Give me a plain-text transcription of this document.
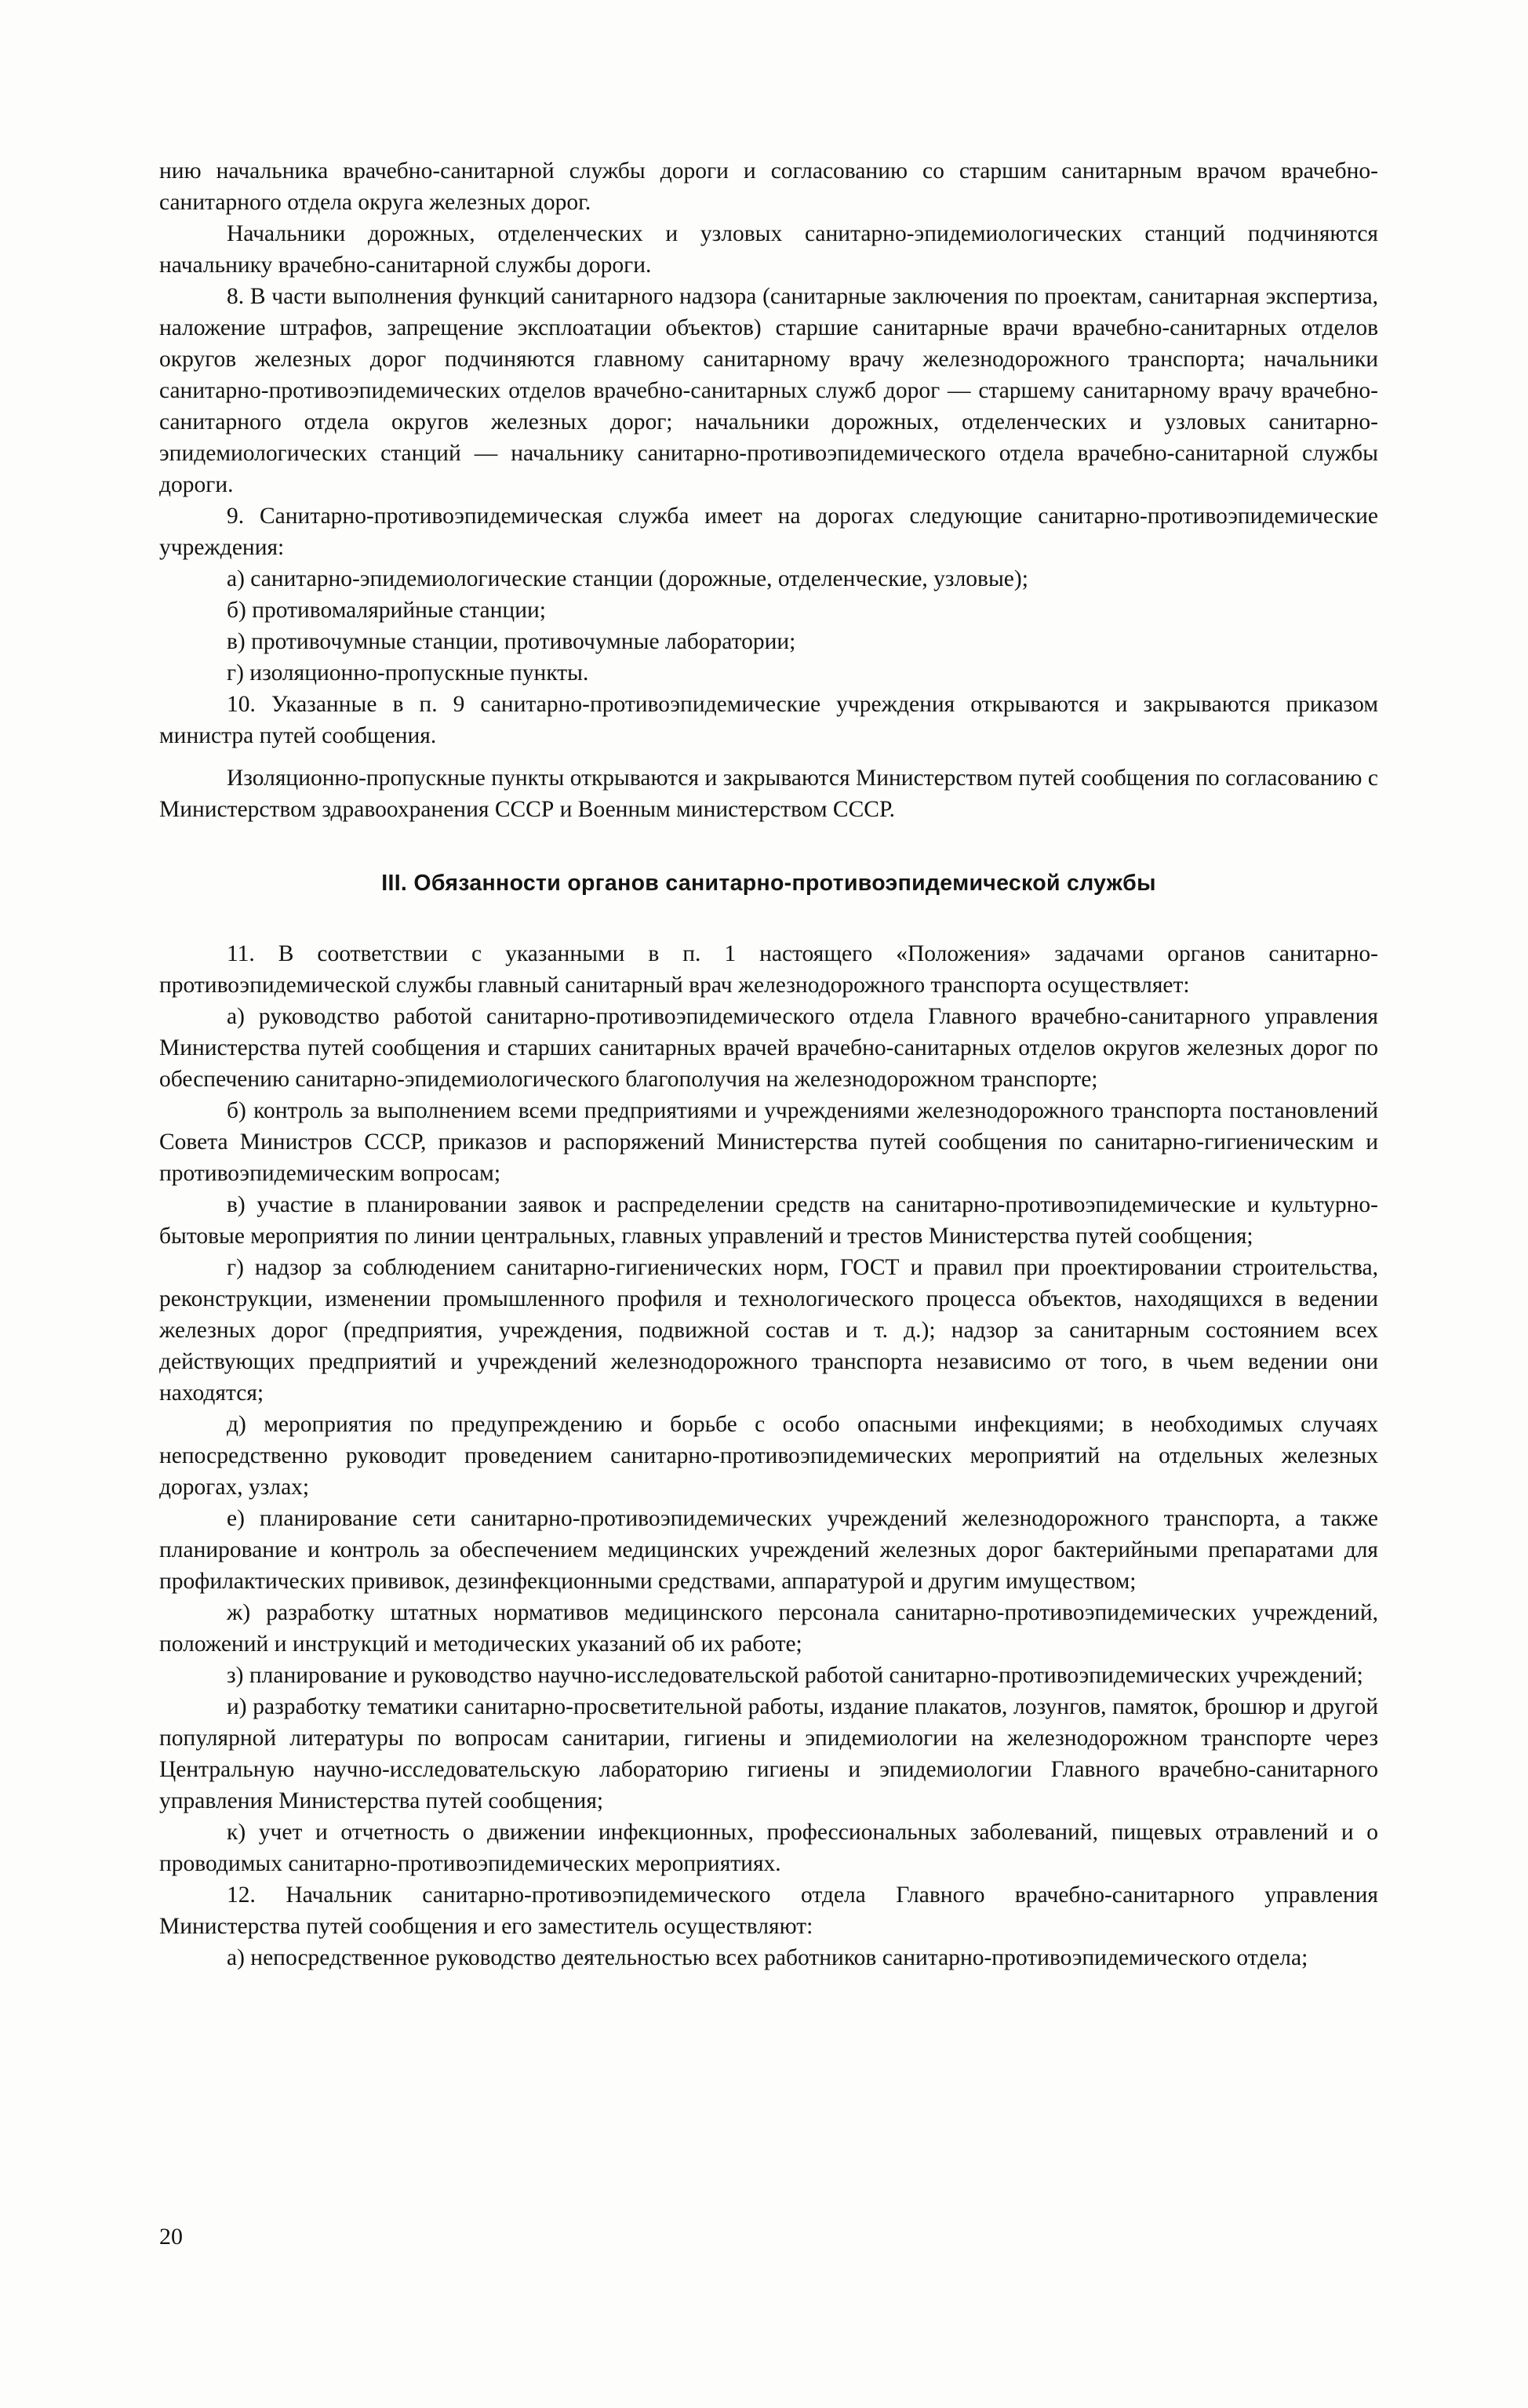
нию начальника врачебно-санитарной службы дороги и согласованию со старшим санитарным врачом врачебно-санитарного отдела округа железных дорог.

Начальники дорожных, отделенческих и узловых санитарно-эпидемиологических станций подчиняются начальнику врачебно-санитарной службы дороги.

8. В части выполнения функций санитарного надзора (санитарные заключения по проектам, санитарная экспертиза, наложение штрафов, запрещение эксплоатации объектов) старшие санитарные врачи врачебно-санитарных отделов округов железных дорог подчиняются главному санитарному врачу железнодорожного транспорта; начальники санитарно-противоэпидемических отделов врачебно-санитарных служб дорог — старшему санитарному врачу врачебно-санитарного отдела округов железных дорог; начальники дорожных, отделенческих и узловых санитарно-эпидемиологических станций — начальнику санитарно-противоэпидемического отдела врачебно-санитарной службы дороги.

9. Санитарно-противоэпидемическая служба имеет на дорогах следующие санитарно-противоэпидемические учреждения:

а) санитарно-эпидемиологические станции (дорожные, отделенческие, узловые);

б) противомалярийные станции;

в) противочумные станции, противочумные лаборатории;

г) изоляционно-пропускные пункты.

10. Указанные в п. 9 санитарно-противоэпидемические учреждения открываются и закрываются приказом министра путей сообщения.

Изоляционно-пропускные пункты открываются и закрываются Министерством путей сообщения по согласованию с Министерством здравоохранения СССР и Военным министерством СССР.

III. Обязанности органов санитарно-противоэпидемической службы

11. В соответствии с указанными в п. 1 настоящего «Положения» задачами органов санитарно-противоэпидемической службы главный санитарный врач железнодорожного транспорта осуществляет:

а) руководство работой санитарно-противоэпидемического отдела Главного врачебно-санитарного управления Министерства путей сообщения и старших санитарных врачей врачебно-санитарных отделов округов железных дорог по обеспечению санитарно-эпидемиологического благополучия на железнодорожном транспорте;

б) контроль за выполнением всеми предприятиями и учреждениями железнодорожного транспорта постановлений Совета Министров СССР, приказов и распоряжений Министерства путей сообщения по санитарно-гигиеническим и противоэпидемическим вопросам;

в) участие в планировании заявок и распределении средств на санитарно-противоэпидемические и культурно-бытовые мероприятия по линии центральных, главных управлений и трестов Министерства путей сообщения;

г) надзор за соблюдением санитарно-гигиенических норм, ГОСТ и правил при проектировании строительства, реконструкции, изменении промышленного профиля и технологического процесса объектов, находящихся в ведении железных дорог (предприятия, учреждения, подвижной состав и т. д.); надзор за санитарным состоянием всех действующих предприятий и учреждений железнодорожного транспорта независимо от того, в чьем ведении они находятся;

д) мероприятия по предупреждению и борьбе с особо опасными инфекциями; в необходимых случаях непосредственно руководит проведением санитарно-противоэпидемических мероприятий на отдельных железных дорогах, узлах;

е) планирование сети санитарно-противоэпидемических учреждений железнодорожного транспорта, а также планирование и контроль за обеспечением медицинских учреждений железных дорог бактерийными препаратами для профилактических прививок, дезинфекционными средствами, аппаратурой и другим имуществом;

ж) разработку штатных нормативов медицинского персонала санитарно-противоэпидемических учреждений, положений и инструкций и методических указаний об их работе;

з) планирование и руководство научно-исследовательской работой санитарно-противоэпидемических учреждений;

и) разработку тематики санитарно-просветительной работы, издание плакатов, лозунгов, памяток, брошюр и другой популярной литературы по вопросам санитарии, гигиены и эпидемиологии на железнодорожном транспорте через Центральную научно-исследовательскую лабораторию гигиены и эпидемиологии Главного врачебно-санитарного управления Министерства путей сообщения;

к) учет и отчетность о движении инфекционных, профессиональных заболеваний, пищевых отравлений и о проводимых санитарно-противоэпидемических мероприятиях.

12. Начальник санитарно-противоэпидемического отдела Главного врачебно-санитарного управления Министерства путей сообщения и его заместитель осуществляют:

а) непосредственное руководство деятельностью всех работников санитарно-противоэпидемического отдела;

20
